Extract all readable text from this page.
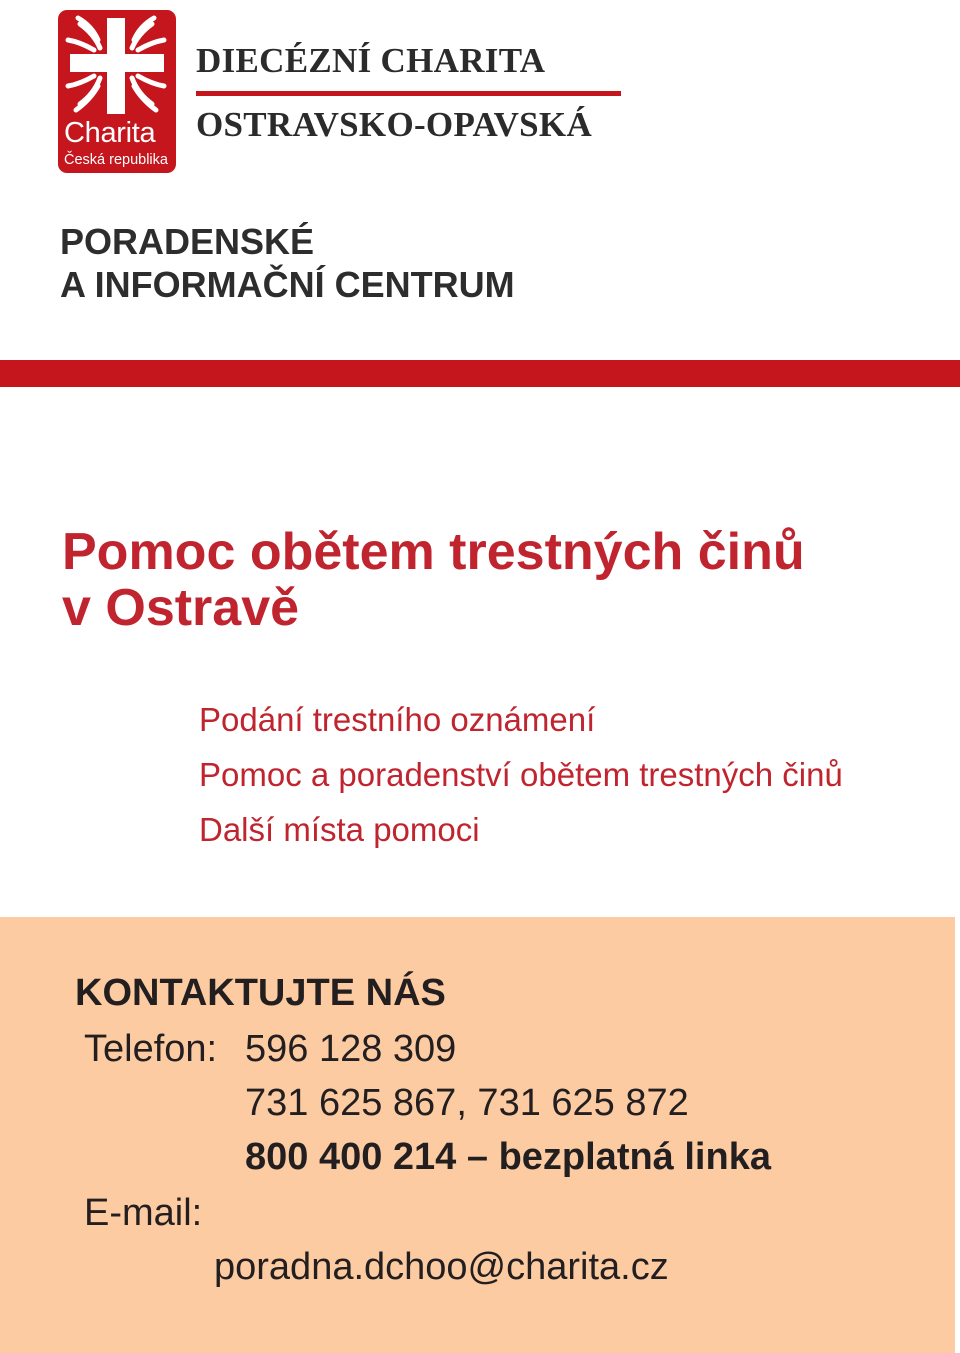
Charita
Česká republika
DIECÉZNÍ CHARITA
OSTRAVSKO-OPAVSKÁ
PORADENSKÉ
A INFORMAČNÍ CENTRUM
Pomoc obětem trestných činů
v Ostravě
Podání trestního oznámení
Pomoc a poradenství obětem trestných činů
Další místa pomoci
KONTAKTUJTE NÁS
Telefon: 596 128 309
731 625 867, 731 625 872
800 400 214 – bezplatná linka
E-mail:
poradna.dchoo@charita.cz
